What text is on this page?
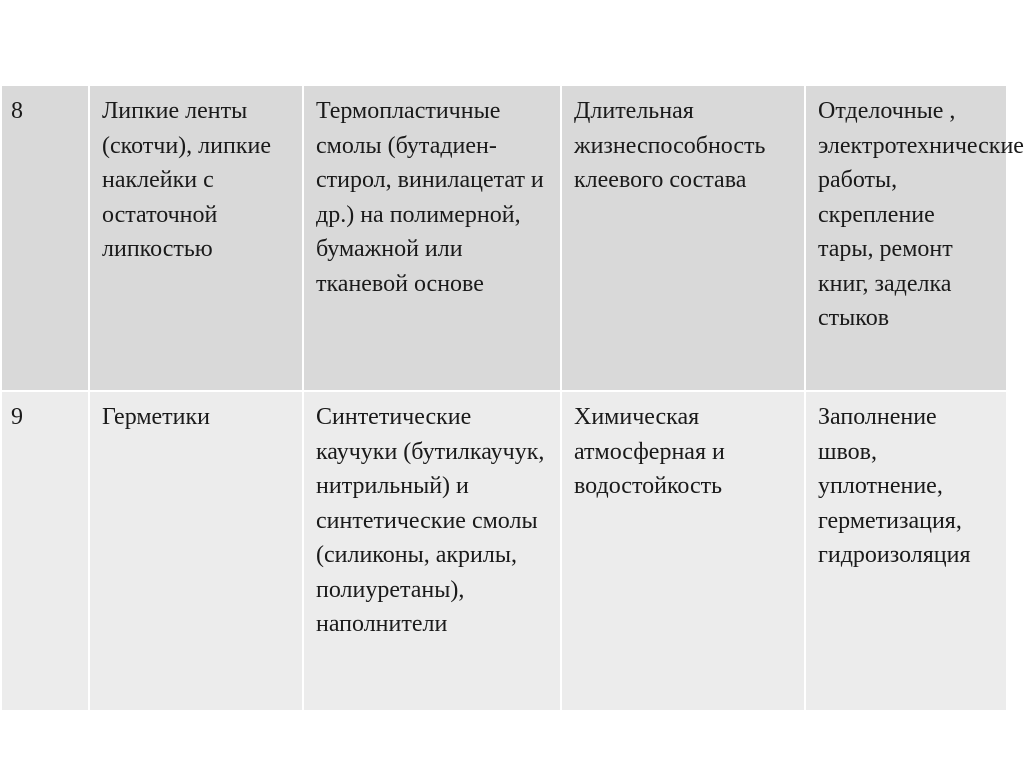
8	Липкие ленты (скотчи), липкие наклейки с остаточной липкостью	Термопластичные смолы (бутадиен-стирол, винилацетат и др.) на полимерной, бумажной или тканевой основе	Длительная жизнеспособность клеевого состава	Отделочные , электротехнические работы, скрепление тары, ремонт книг, заделка стыков
9	Герметики	Синтетические каучуки (бутилкаучук, нитрильный) и синтетические смолы (силиконы, акрилы, полиуретаны), наполнители	Химическая атмосферная и водостойкость	Заполнение швов, уплотнение, герметизация, гидроизоляция
